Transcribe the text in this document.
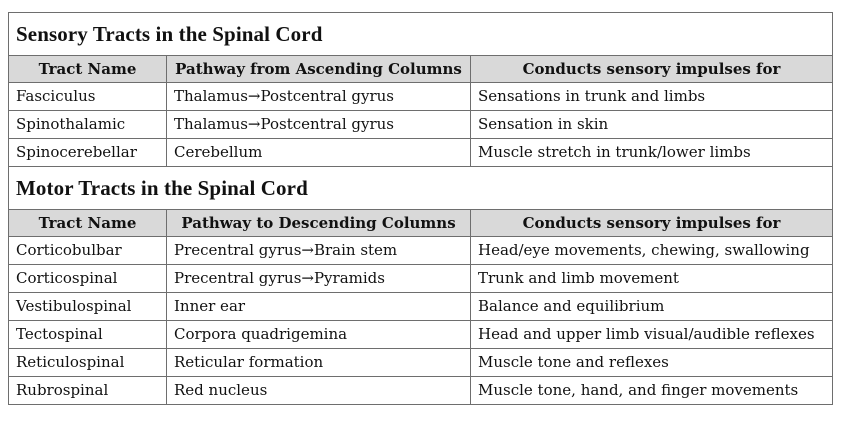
Sensory Tracts in the Spinal Cord		
Tract Name	Pathway from Ascending Columns	Conducts sensory impulses for
Fasciculus	Thalamus→Postcentral gyrus	Sensations in trunk and limbs
Spinothalamic	Thalamus→Postcentral gyrus	Sensation in skin
Spinocerebellar	Cerebellum	Muscle stretch in trunk/lower limbs
Motor Tracts in the Spinal Cord		
Tract Name	Pathway to Descending Columns	Conducts sensory impulses for
Corticobulbar	Precentral gyrus→Brain stem	Head/eye movements, chewing, swallowing
Corticospinal	Precentral gyrus→Pyramids	Trunk and limb movement
Vestibulospinal	Inner ear	Balance and equilibrium
Tectospinal	Corpora quadrigemina	Head and upper limb visual/audible reflexes
Reticulospinal	Reticular formation	Muscle tone and reflexes
Rubrospinal	Red nucleus	Muscle tone, hand, and finger movements
